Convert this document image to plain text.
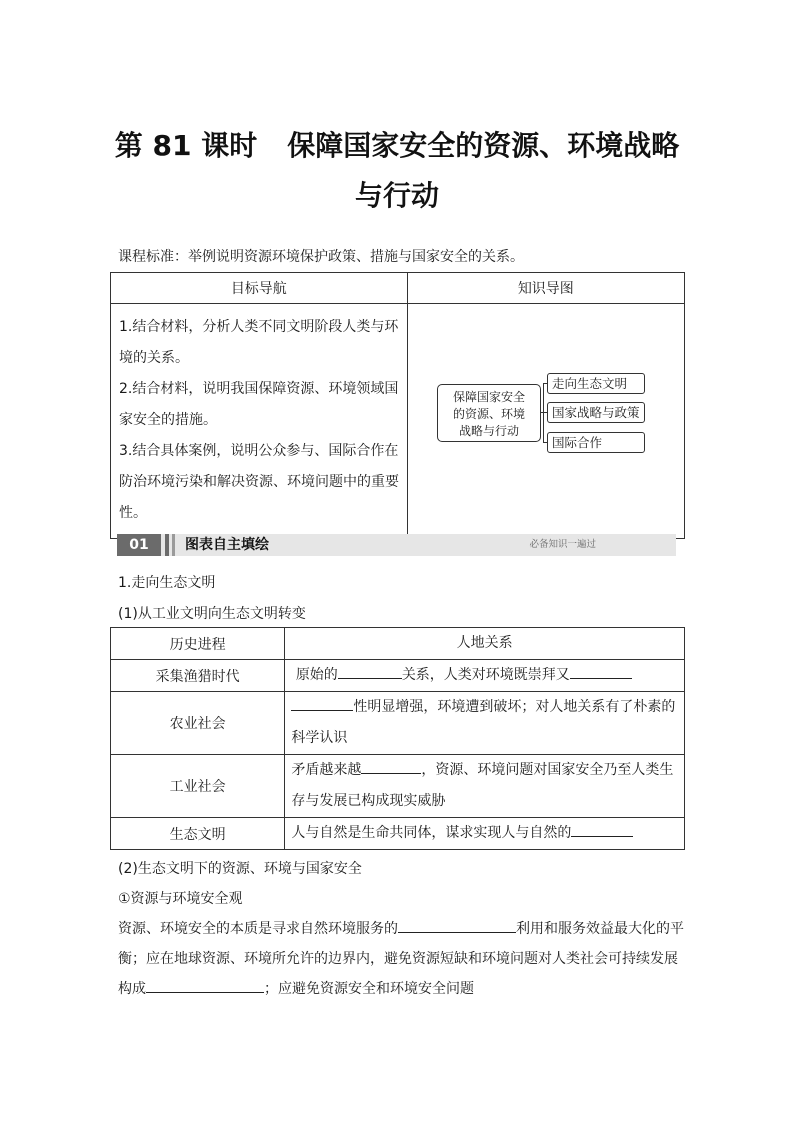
第 81 课时 保障国家安全的资源、环境战略
与行动
课程标准：举例说明资源环境保护政策、措施与国家安全的关系。
目标导航	知识导图

1.结合材料，分析人类不同文明阶段人类与环境的关系。
2.结合材料，说明我国保障资源、环境领域国家安全的措施。
3.结合具体案例，说明公众参与、国际合作在防治环境污染和解决资源、环境问题中的重要性。	

保障国家安全
的资源、环境
战略与行动
走向生态文明
国家战略与政策
国际合作
01	图表自主填绘	必备知识一遍过
1.走向生态文明
(1)从工业文明向生态文明转变
历史进程	人地关系
采集渔猎时代	原始的 关系，人类对环境既崇拜又
农业社会	性明显增强，环境遭到破坏；对人地关系有了朴素的科学认识
工业社会	矛盾越来越 ，资源、环境问题对国家安全乃至人类生存与发展已构成现实威胁
生态文明	人与自然是生命共同体，谋求实现人与自然的
(2)生态文明下的资源、环境与国家安全
①资源与环境安全观
资源、环境安全的本质是寻求自然环境服务的	利用和服务效益最大化的平衡；应在地球资源、环境所允许的边界内，避免资源短缺和环境问题对人类社会可持续发展构成	；应避免资源安全和环境安全问题
